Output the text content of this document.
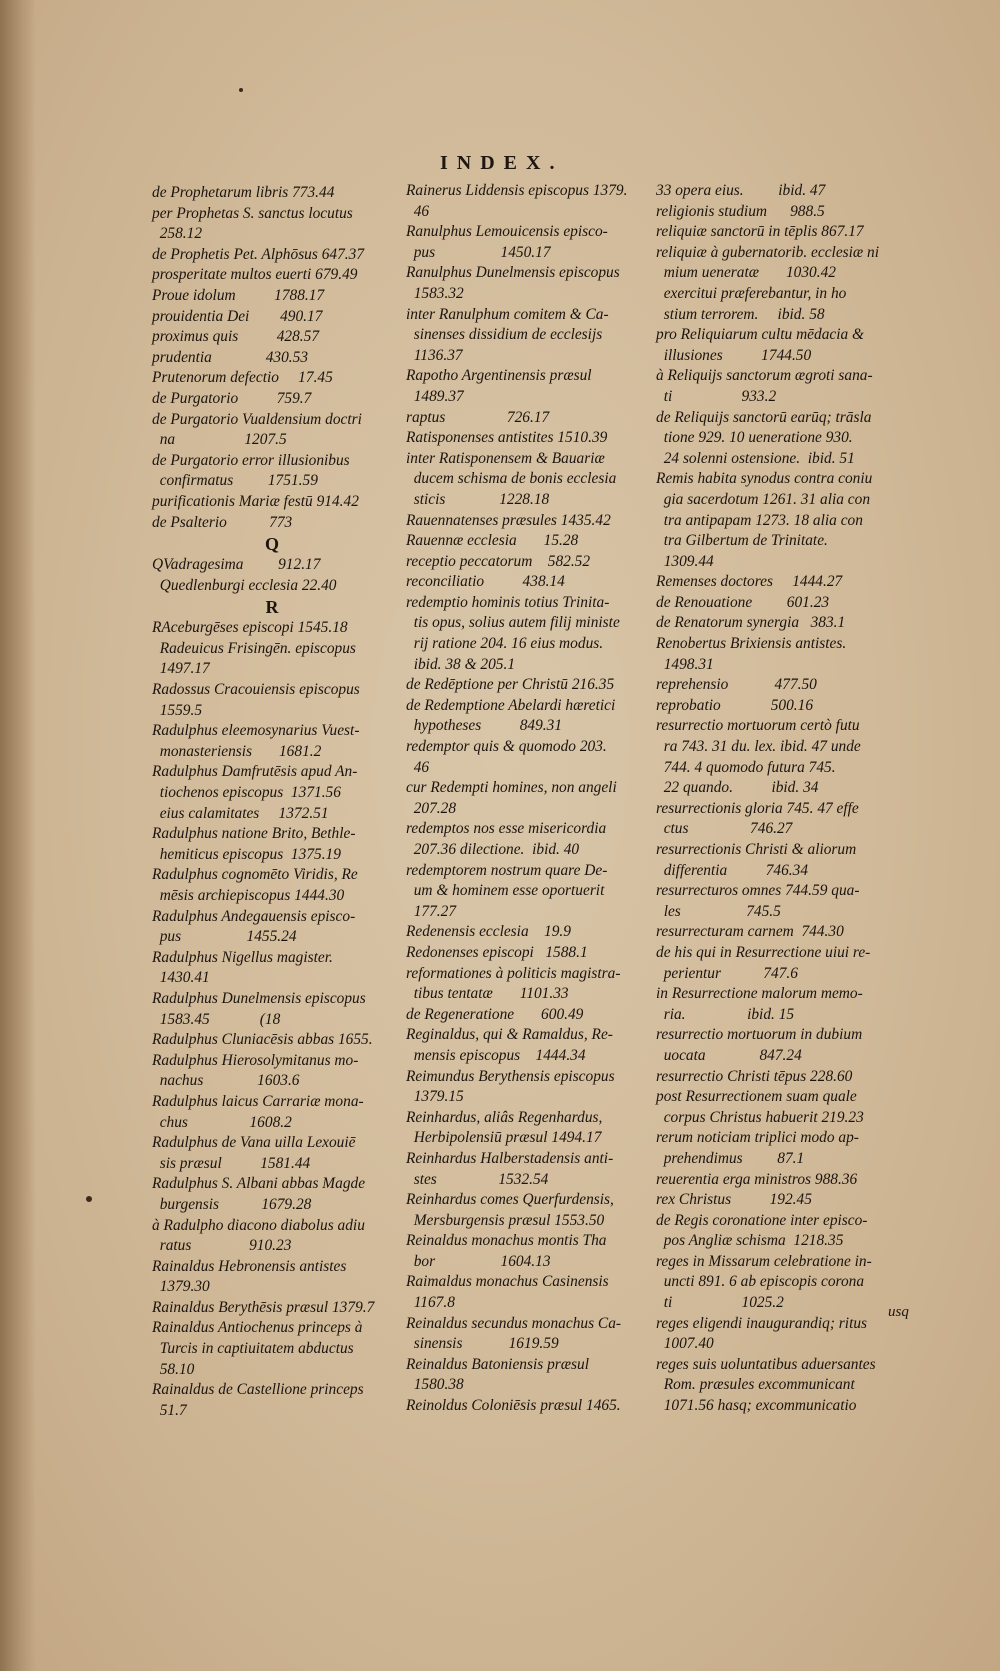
INDEX.
de Prophetarum libris 773.44
per Prophetas S. sanctus locutus
258.12
de Prophetis Pet. Alphōsus 647.37
prosperitate multos euerti 679.49
Proue idolum          1788.17
prouidentia Dei        490.17
proximus quis          428.57
prudentia              430.53
Prutenorum defectio     17.45
de Purgatorio          759.7
de Purgatorio Vualdensium doctri
na                  1207.5
de Purgatorio error illusionibus
confirmatus         1751.59
purificationis Mariæ festū 914.42
de Psalterio           773
Q
QVadragesima         912.17
Quedlenburgi ecclesia 22.40
R
RAceburgēses episcopi 1545.18
Radeuicus Frisingēn. episcopus
1497.17
Radossus Cracouiensis episcopus
1559.5
Radulphus eleemosynarius Vuest-
monasteriensis       1681.2
Radulphus Damfrutēsis apud An-
tiochenos episcopus  1371.56
eius calamitates     1372.51
Radulphus natione Brito, Bethle-
hemiticus episcopus  1375.19
Radulphus cognomēto Viridis, Re
mēsis archiepiscopus 1444.30
Radulphus Andegauensis episco-
pus                 1455.24
Radulphus Nigellus magister.
1430.41
Radulphus Dunelmensis episcopus
1583.45             (18
Radulphus Cluniacēsis abbas 1655.
Radulphus Hierosolymitanus mo-
nachus              1603.6
Radulphus laicus Carrariæ mona-
chus                1608.2
Radulphus de Vana uilla Lexouiē
sis præsul          1581.44
Radulphus S. Albani abbas Magde
burgensis           1679.28
à Radulpho diacono diabolus adiu
ratus               910.23
Rainaldus Hebronensis antistes
1379.30
Rainaldus Berythēsis præsul 1379.7
Rainaldus Antiochenus princeps à
Turcis in captiuitatem abductus
58.10
Rainaldus de Castellione princeps
51.7
Rainerus Liddensis episcopus 1379.
46
Ranulphus Lemouicensis episco-
pus                 1450.17
Ranulphus Dunelmensis episcopus
1583.32
inter Ranulphum comitem & Ca-
sinenses dissidium de ecclesijs
1136.37
Rapotho Argentinensis præsul
1489.37
raptus                726.17
Ratisponenses antistites 1510.39
inter Ratisponensem & Bauariæ
ducem schisma de bonis ecclesia
sticis              1228.18
Rauennatenses præsules 1435.42
Rauennæ ecclesia       15.28
receptio peccatorum    582.52
reconciliatio          438.14
redemptio hominis totius Trinita-
tis opus, solius autem filij ministe
rij ratione 204. 16 eius modus.
ibid. 38 & 205.1
de Redēptione per Christū 216.35
de Redemptione Abelardi hæretici
hypotheses          849.31
redemptor quis & quomodo 203.
46
cur Redempti homines, non angeli
207.28
redemptos nos esse misericordia
207.36 dilectione.  ibid. 40
redemptorem nostrum quare De-
um & hominem esse oportuerit
177.27
Redenensis ecclesia    19.9
Redonenses episcopi   1588.1
reformationes à politicis magistra-
tibus tentatæ       1101.33
de Regeneratione       600.49
Reginaldus, qui & Ramaldus, Re-
mensis episcopus    1444.34
Reimundus Berythensis episcopus
1379.15
Reinhardus, aliâs Regenhardus,
Herbipolensiū præsul 1494.17
Reinhardus Halberstadensis anti-
stes                1532.54
Reinhardus comes Querfurdensis,
Mersburgensis præsul 1553.50
Reinaldus monachus montis Tha
bor                 1604.13
Raimaldus monachus Casinensis
1167.8
Reinaldus secundus monachus Ca-
sinensis            1619.59
Reinaldus Batoniensis præsul
1580.38
Reinoldus Coloniēsis præsul 1465.
33 opera eius.         ibid. 47
religionis studium      988.5
reliquiæ sanctorū in tēplis 867.17
reliquiæ à gubernatorib. ecclesiæ ni
mium ueneratæ       1030.42
exercitui præferebantur, in ho
stium terrorem.     ibid. 58
pro Reliquiarum cultu mēdacia &
illusiones          1744.50
à Reliquijs sanctorum ægroti sana-
ti                  933.2
de Reliquijs sanctorū earūq; trāsla
tione 929. 10 ueneratione 930.
24 solenni ostensione.  ibid. 51
Remis habita synodus contra coniu
gia sacerdotum 1261. 31 alia con
tra antipapam 1273. 18 alia con
tra Gilbertum de Trinitate.
1309.44
Remenses doctores     1444.27
de Renouatione         601.23
de Renatorum synergia   383.1
Renobertus Brixiensis antistes.
1498.31
reprehensio            477.50
reprobatio             500.16
resurrectio mortuorum certò futu
ra 743. 31 du. lex. ibid. 47 unde
744. 4 quomodo futura 745.
22 quando.          ibid. 34
resurrectionis gloria 745. 47 effe
ctus                746.27
resurrectionis Christi & aliorum
differentia          746.34
resurrecturos omnes 744.59 qua-
les                 745.5
resurrecturam carnem  744.30
de his qui in Resurrectione uiui re-
perientur           747.6
in Resurrectione malorum memo-
ria.                ibid. 15
resurrectio mortuorum in dubium
uocata              847.24
resurrectio Christi tēpus 228.60
post Resurrectionem suam quale
corpus Christus habuerit 219.23
rerum noticiam triplici modo ap-
prehendimus         87.1
reuerentia erga ministros 988.36
rex Christus          192.45
de Regis coronatione inter episco-
pos Angliæ schisma  1218.35
reges in Missarum celebratione in-
uncti 891. 6 ab episcopis corona
ti                  1025.2
reges eligendi inaugurandiq; ritus
1007.40
reges suis uoluntatibus aduersantes
Rom. præsules excommunicant
1071.56 hasq; excommunicatio
usq
